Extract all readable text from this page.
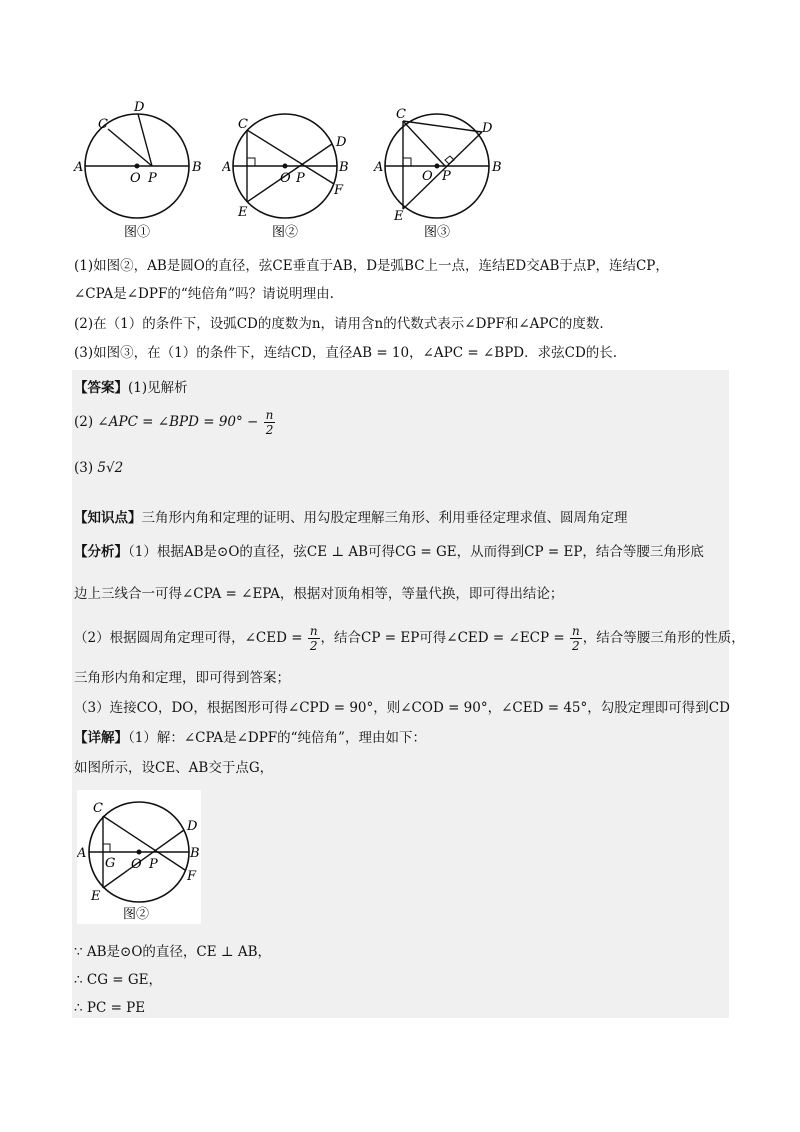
C
D
A
O P
B
图①
C
D
A
O P
B
F
E
图②
C
D
A
O P
B
E
图③
(1)如图②，AB是圆O的直径，弦CE垂直于AB，D是弧BC上一点，连结ED交AB于点P，连结CP，
∠CPA是∠DPF的“纯倍角”吗？请说明理由.
(2)在（1）的条件下，设弧CD的度数为n，请用含n的代数式表示∠DPF和∠APC的度数.
(3)如图③，在（1）的条件下，连结CD，直径AB = 10，∠APC = ∠BPD．求弦CD的长.
【答案】(1)见解析
(2) ∠APC = ∠BPD = $90^\circ - \frac{n}{2}$
(3) 5√2
【知识点】三角形内角和定理的证明、用勾股定理解三角形、利用垂径定理求值、圆周角定理
【分析】（1）根据AB是⊙O的直径，弦CE ⊥ AB可得CG = GE，从而得到CP = EP，结合等腰三角形底
边上三线合一可得∠CPA = ∠EPA，根据对顶角相等，等量代换，即可得出结论；
（2）根据圆周角定理可得，∠CED = $\frac{n}{2}$ ，结合CP = EP可得∠CED = ∠ECP = $\frac{n}{2}$ ，结合等腰三角形的性质，
三角形内角和定理，即可得到答案；
（3）连接CO，DO，根据图形可得∠CPD = 90°，则∠COD = 90°，∠CED = 45°，勾股定理即可得到CD
【详解】（1）解：∠CPA是∠DPF的“纯倍角”，理由如下：
如图所示，设CE、AB交于点G，
C
D
A
G O P
B
F
E
图②
∵ AB是⊙O的直径，CE ⊥ AB，
∴ CG = GE，
∴ PC = PE
